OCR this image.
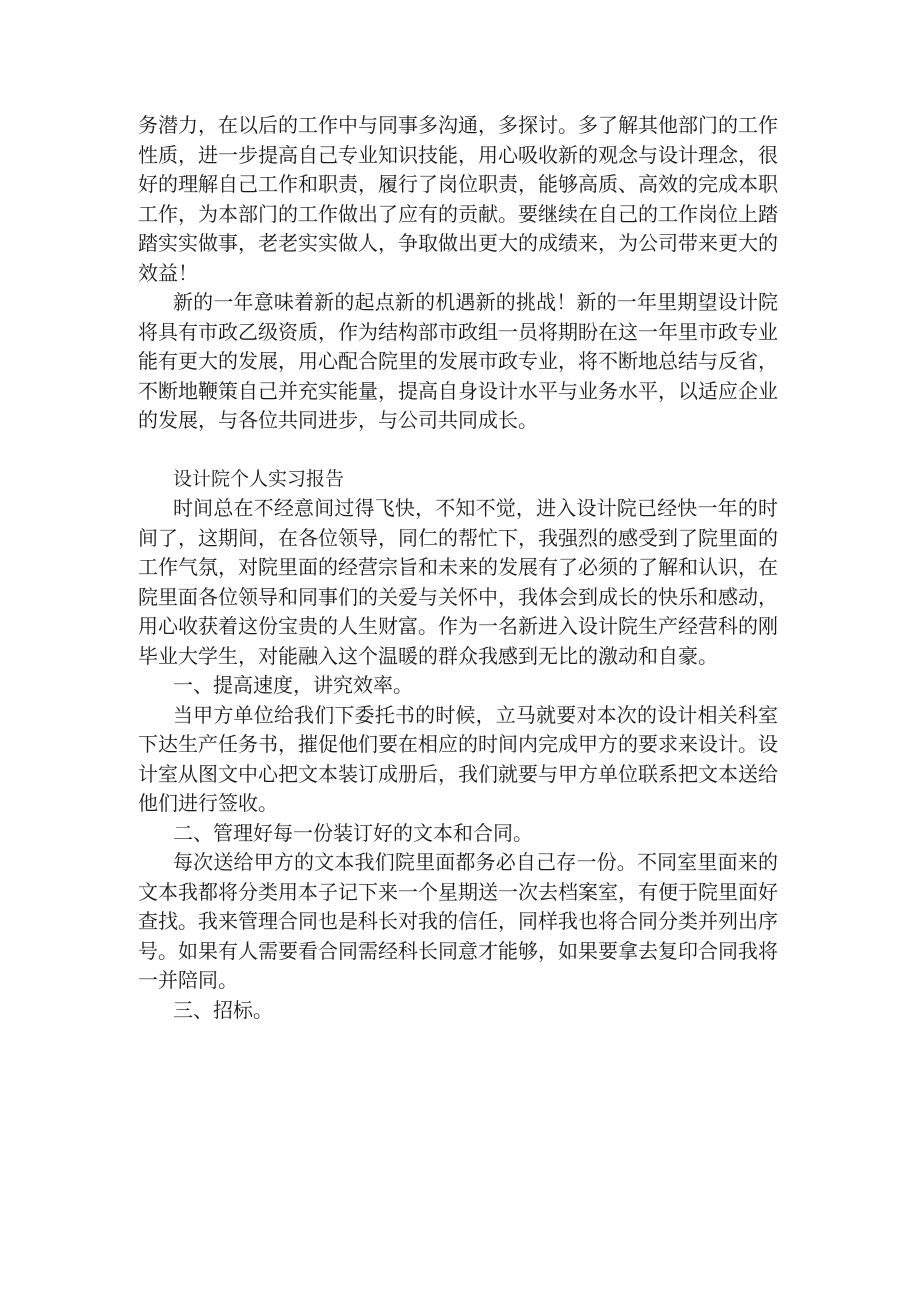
务 潜 力 ， 在 以 后 的 工 作 中 与 同 事 多 沟 通 ， 多 探 讨 。 多 了 解 其 他 部 门 的 工 作
性 质 ， 进 一 步 提 高 自 己 专 业 知 识 技 能 ， 用 心 吸 收 新 的 观 念 与 设 计 理 念 ， 很
好 的 理 解 自 己 工 作 和 职 责 ， 履 行 了 岗 位 职 责 ， 能 够 高 质 、 高 效 的 完 成 本 职
工 作 ， 为 本 部 门 的 工 作 做 出 了 应 有 的 贡 献 。 要 继 续 在 自 己 的 工 作 岗 位 上 踏
踏 实 实 做 事 ， 老 老 实 实 做 人 ， 争 取 做 出 更 大 的 成 绩 来 ， 为 公 司 带 来 更 大 的
效益！
新 的 一 年 意 味 着 新 的 起 点 新 的 机 遇 新 的 挑 战 ！ 新 的 一 年 里 期 望 设 计 院
将 具 有 市 政 乙 级 资 质 ， 作 为 结 构 部 市 政 组 一 员 将 期 盼 在 这 一 年 里 市 政 专 业
能 有 更 大 的 发 展 ， 用 心 配 合 院 里 的 发 展 市 政 专 业 ， 将 不 断 地 总 结 与 反 省 ，
不 断 地 鞭 策 自 己 并 充 实 能 量 ， 提 高 自 身 设 计 水 平 与 业 务 水 平 ， 以 适 应 企 业
的发展，与各位共同进步，与公司共同成长。
设计院个人实习报告
时 间 总 在 不 经 意 间 过 得 飞 快 ， 不 知 不 觉 ， 进 入 设 计 院 已 经 快 一 年 的 时
间 了 ， 这 期 间 ， 在 各 位 领 导 ， 同 仁 的 帮 忙 下 ， 我 强 烈 的 感 受 到 了 院 里 面 的
工 作 气 氛 ， 对 院 里 面 的 经 营 宗 旨 和 未 来 的 发 展 有 了 必 须 的 了 解 和 认 识 ， 在
院 里 面 各 位 领 导 和 同 事 们 的 关 爱 与 关 怀 中 ， 我 体 会 到 成 长 的 快 乐 和 感 动 ，
用 心 收 获 着 这 份 宝 贵 的 人 生 财 富 。 作 为 一 名 新 进 入 设 计 院 生 产 经 营 科 的 刚
毕业大学生，对能融入这个温暖的群众我感到无比的激动和自豪。
一、提高速度，讲究效率。
当 甲 方 单 位 给 我 们 下 委 托 书 的 时 候 ， 立 马 就 要 对 本 次 的 设 计 相 关 科 室
下 达 生 产 任 务 书 ， 摧 促 他 们 要 在 相 应 的 时 间 内 完 成 甲 方 的 要 求 来 设 计 。 设
计 室 从 图 文 中 心 把 文 本 装 订 成 册 后 ， 我 们 就 要 与 甲 方 单 位 联 系 把 文 本 送 给
他们进行签收。
二、管理好每一份装订好的文本和合同。
每 次 送 给 甲 方 的 文 本 我 们 院 里 面 都 务 必 自 己 存 一 份 。 不 同 室 里 面 来 的
文 本 我 都 将 分 类 用 本 子 记 下 来 一 个 星 期 送 一 次 去 档 案 室 ， 有 便 于 院 里 面 好
查 找 。 我 来 管 理 合 同 也 是 科 长 对 我 的 信 任 ， 同 样 我 也 将 合 同 分 类 并 列 出 序
号 。 如 果 有 人 需 要 看 合 同 需 经 科 长 同 意 才 能 够 ， 如 果 要 拿 去 复 印 合 同 我 将
一并陪同。
三、招标。
